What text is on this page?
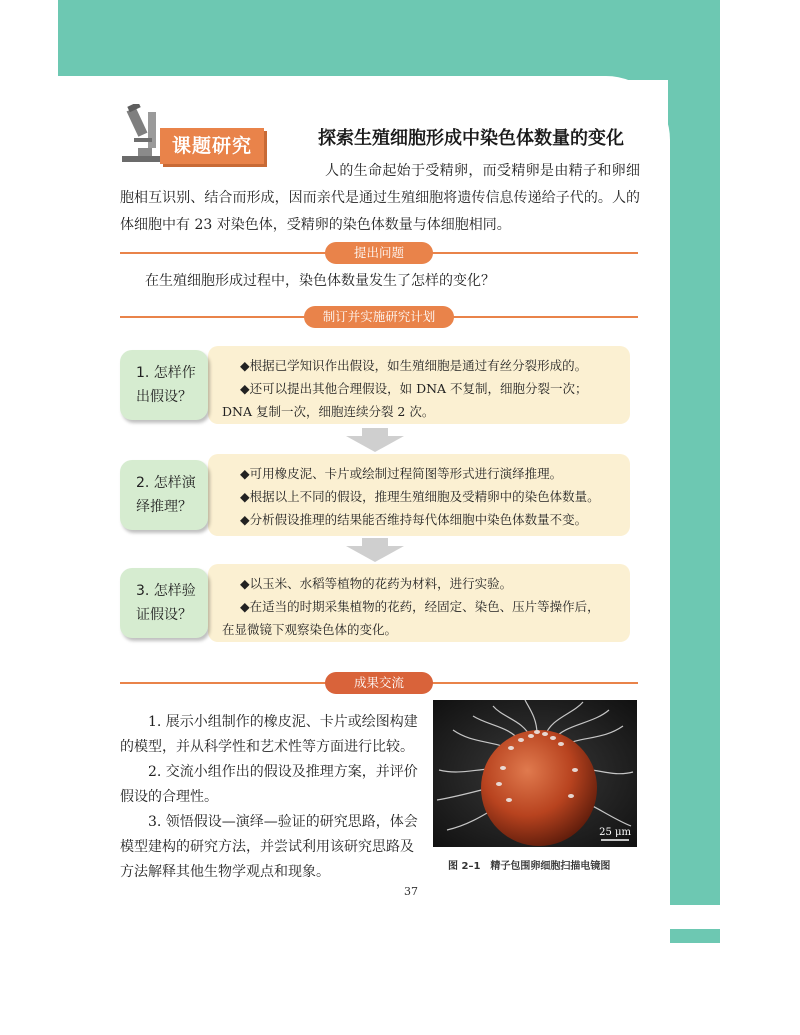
课题研究	探索生殖细胞形成中染色体数量的变化
人的生命起始于受精卵，而受精卵是由精子和卵细胞相互识别、结合而形成，因而亲代是通过生殖细胞将遗传信息传递给子代的。人的体细胞中有 23 对染色体，受精卵的染色体数量与体细胞相同。
提出问题
在生殖细胞形成过程中，染色体数量发生了怎样的变化？
制订并实施研究计划

◆根据已学知识作出假设，如生殖细胞是通过有丝分裂形成的。

◆还可以提出其他合理假设，如 DNA 不复制，细胞分裂一次；

DNA 复制一次，细胞连续分裂 2 次。

1. 怎样作
出假设？

◆可用橡皮泥、卡片或绘制过程简图等形式进行演绎推理。

◆根据以上不同的假设，推理生殖细胞及受精卵中的染色体数量。

◆分析假设推理的结果能否维持每代体细胞中染色体数量不变。

2. 怎样演
绎推理？

◆以玉米、水稻等植物的花药为材料，进行实验。

◆在适当的时期采集植物的花药，经固定、染色、压片等操作后，

在显微镜下观察染色体的变化。

3. 怎样验
证假设？
成果交流

1. 展示小组制作的橡皮泥、卡片或绘图构建的模型，并从科学性和艺术性等方面进行比较。

2. 交流小组作出的假设及推理方案，并评价假设的合理性。

3. 领悟假设—演绎—验证的研究思路，体会模型建构的研究方法，并尝试利用该研究思路及方法解释其他生物学观点和现象。

25 μm
图 2–1　精子包围卵细胞扫描电镜图
37
